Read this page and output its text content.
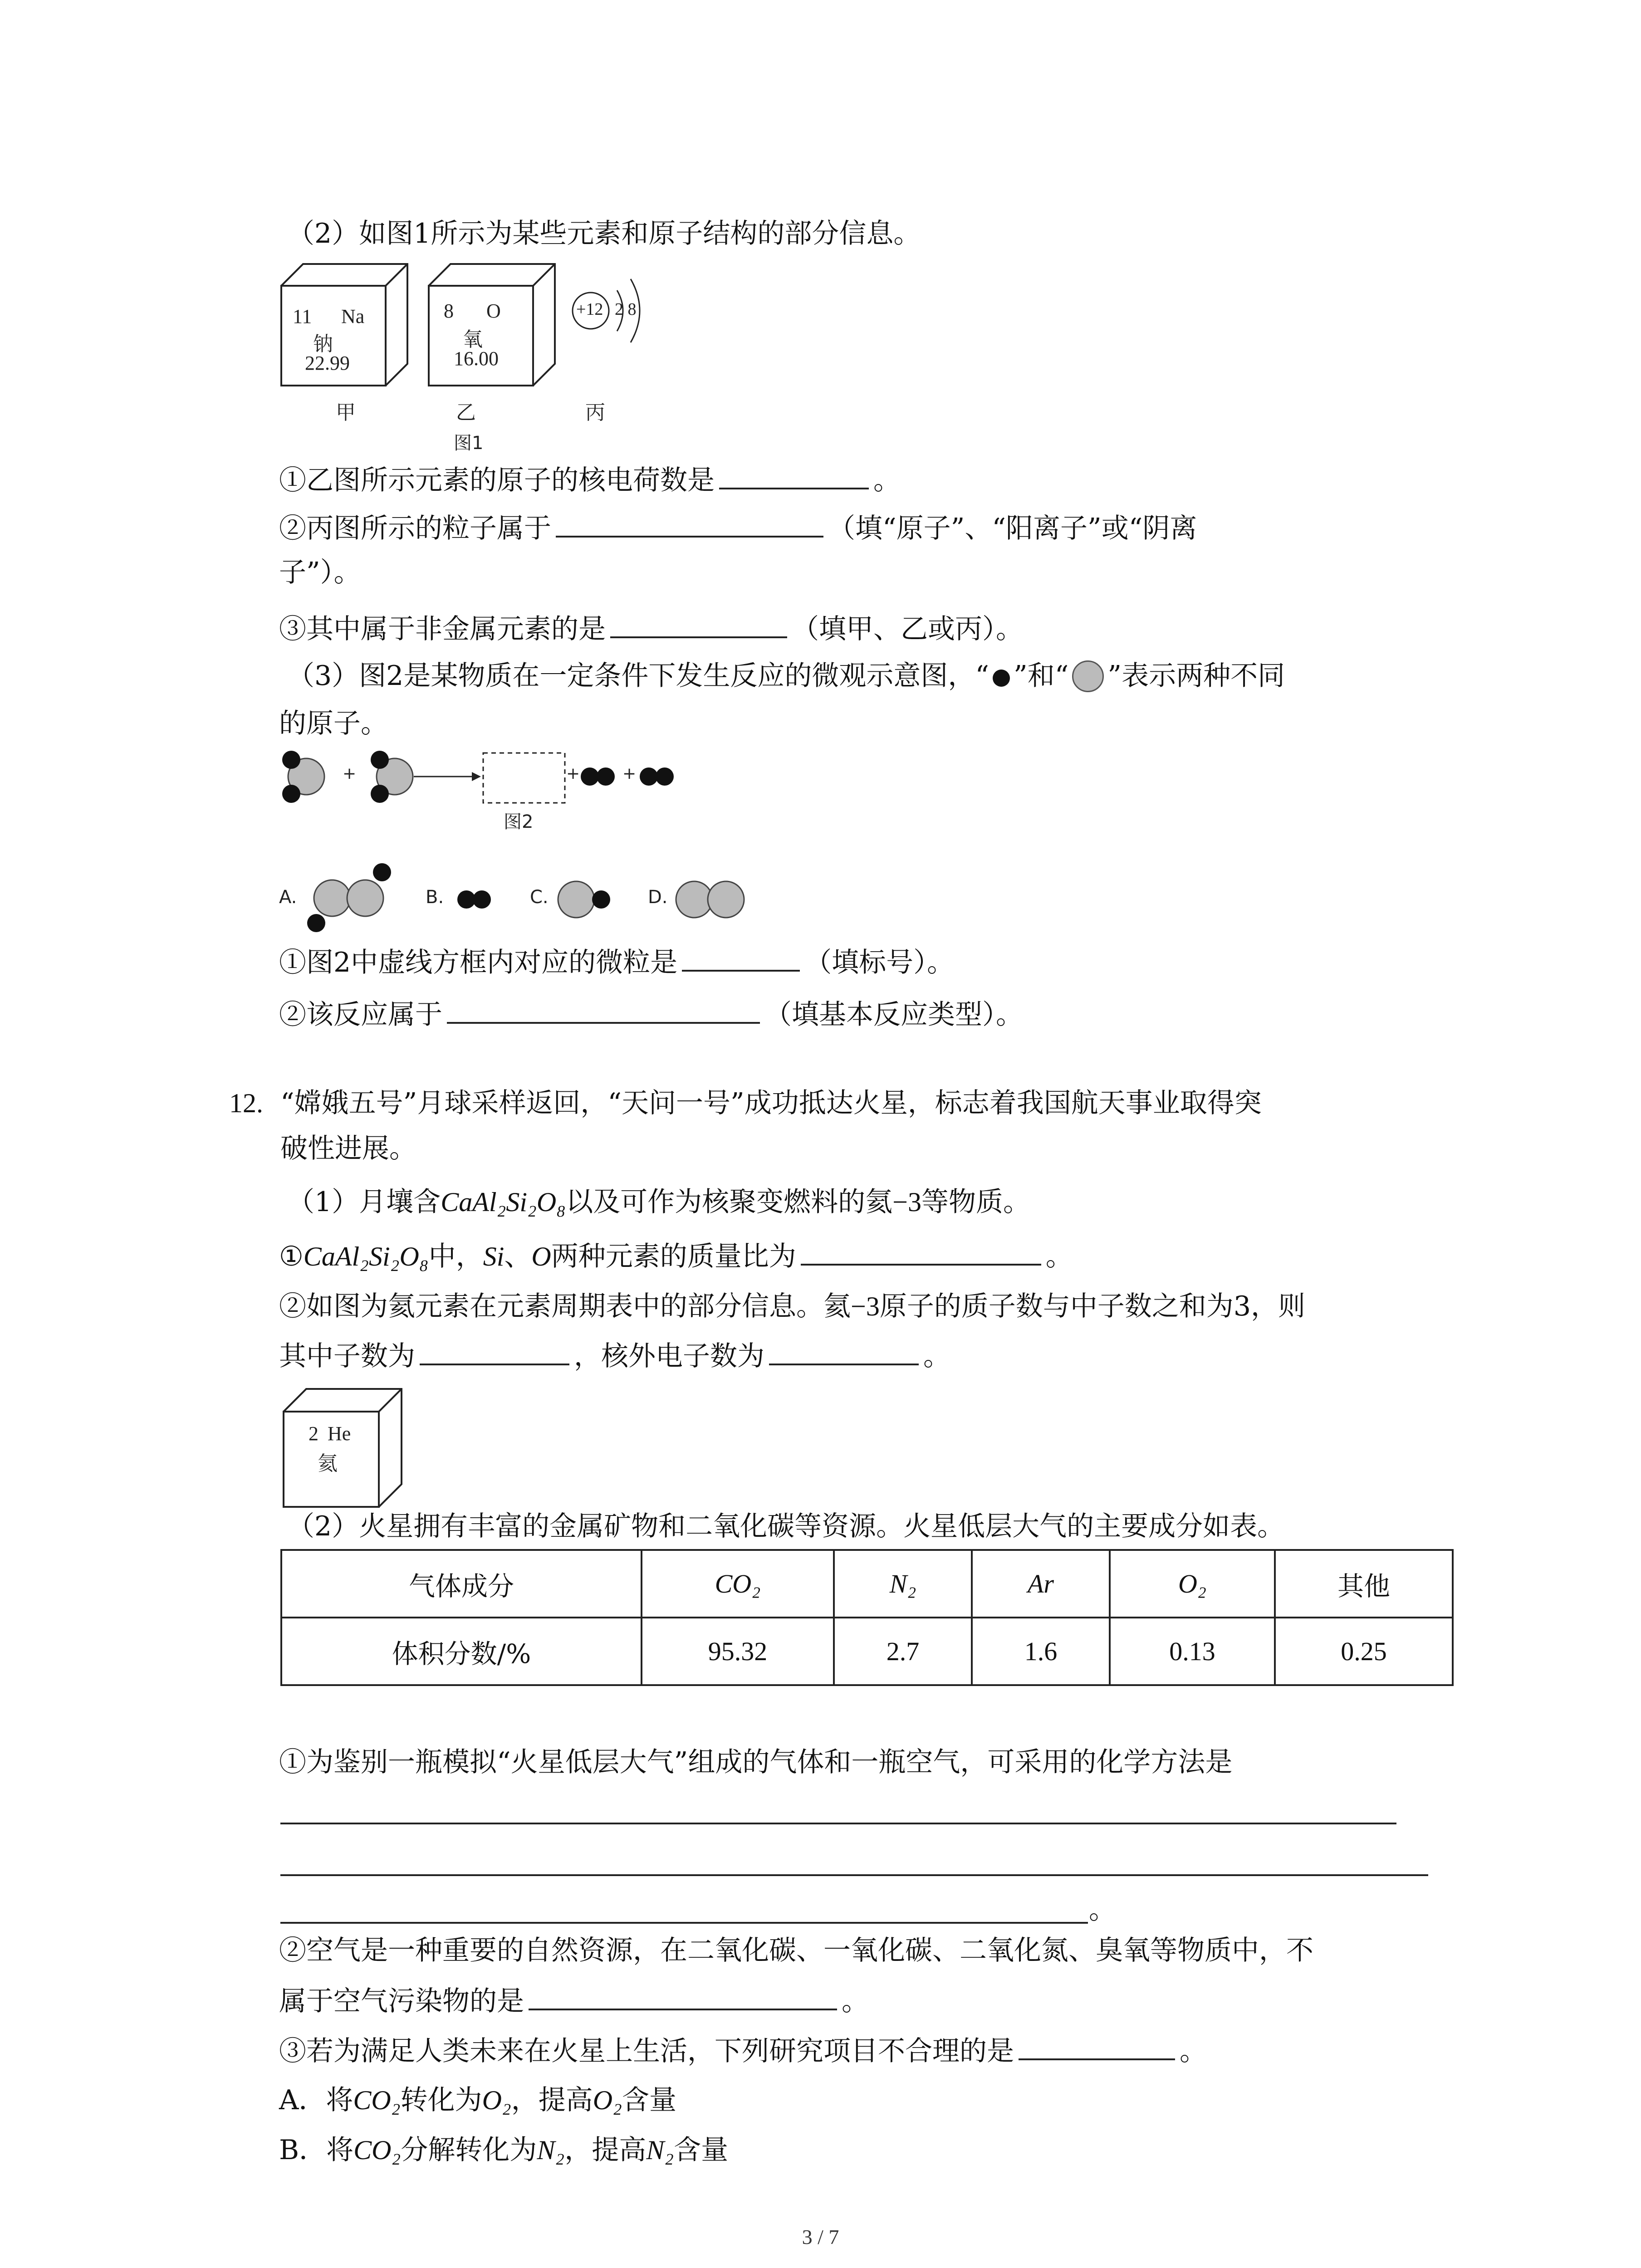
（2）如图1所示为某些元素和原子结构的部分信息。
11 Na
钠
22.99
8 O
氧
16.00
+12 2 8
甲	乙	丙
图1
①乙图所示元素的原子的核电荷数是	。
②丙图所示的粒子属于	（填“原子”、“阳离子”或“阴离
子”）。
③其中属于非金属元素的是	（填甲、乙或丙）。
（3）图2是某物质在一定条件下发生反应的微观示意图，“ ”和“ ”表示两种不同
的原子。
+	+	+
图2
A.	B.	C.	D.
①图2中虚线方框内对应的微粒是	（填标号）。
②该反应属于	（填基本反应类型）。
12. “嫦娥五号”月球采样返回，“天问一号”成功抵达火星，标志着我国航天事业取得突
破性进展。
（1）月壤含CaAl₂Si₂O₈以及可作为核聚变燃料的氦−3等物质。
①CaAl₂Si₂O₈中，Si、O两种元素的质量比为	。
②如图为氦元素在元素周期表中的部分信息。氦−3原子的质子数与中子数之和为3，则
其中子数为	，核外电子数为	。
2 He
氦
（2）火星拥有丰富的金属矿物和二氧化碳等资源。火星低层大气的主要成分如表。
气体成分	CO₂	N₂	Ar	O₂	其他
体积分数/%	95.32	2.7	1.6	0.13	0.25
①为鉴别一瓶模拟“火星低层大气”组成的气体和一瓶空气，可采用的化学方法是
。
②空气是一种重要的自然资源，在二氧化碳、一氧化碳、二氧化氮、臭氧等物质中，不
属于空气污染物的是	。
③若为满足人类未来在火星上生活，下列研究项目不合理的是	。
A．将CO₂转化为O₂，提高O₂含量
B．将CO₂分解转化为N₂，提高N₂含量
3 / 7
